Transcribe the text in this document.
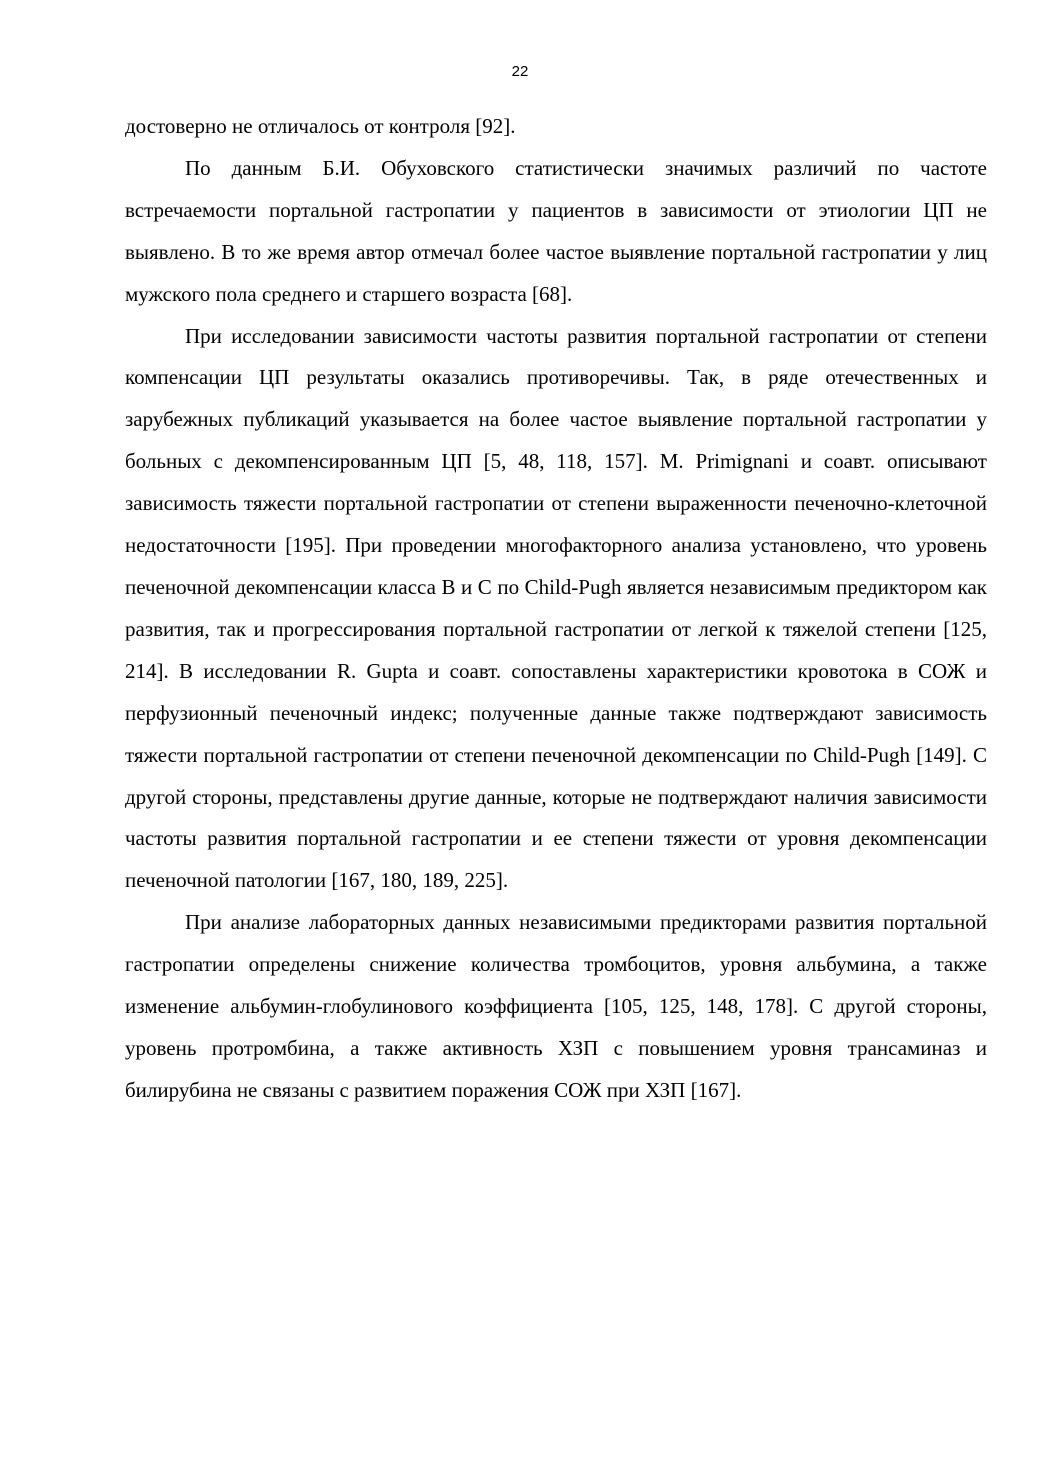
22

достоверно не отличалось от контроля [92].

По данным Б.И. Обуховского статистически значимых различий по частоте встречаемости портальной гастропатии у пациентов в зависимости от этиологии ЦП не выявлено. В то же время автор отмечал более частое выявление портальной гастропатии у лиц мужского пола среднего и старшего возраста [68].

При исследовании зависимости частоты развития портальной гастропатии от степени компенсации ЦП результаты оказались противоречивы. Так, в ряде отечественных и зарубежных публикаций указывается на более частое выявление портальной гастропатии у больных с декомпенсированным ЦП [5, 48, 118, 157]. M. Primignani и соавт. описывают зависимость тяжести портальной гастропатии от степени выраженности печеночно-клеточной недостаточности [195]. При проведении многофакторного анализа установлено, что уровень печеночной декомпенсации класса B и C по Child-Pugh является независимым предиктором как развития, так и прогрессирования портальной гастропатии от легкой к тяжелой степени [125, 214]. В исследовании R. Gupta и соавт. сопоставлены характеристики кровотока в СОЖ и перфузионный печеночный индекс; полученные данные также подтверждают зависимость тяжести портальной гастропатии от степени печеночной декомпенсации по Child-Pugh [149]. С другой стороны, представлены другие данные, которые не подтверждают наличия зависимости частоты развития портальной гастропатии и ее степени тяжести от уровня декомпенсации печеночной патологии [167, 180, 189, 225].

При анализе лабораторных данных независимыми предикторами развития портальной гастропатии определены снижение количества тромбоцитов, уровня альбумина, а также изменение альбумин-глобулинового коэффициента [105, 125, 148, 178]. С другой стороны, уровень протромбина, а также активность ХЗП с повышением уровня трансаминаз и билирубина не связаны с развитием поражения СОЖ при ХЗП [167].
